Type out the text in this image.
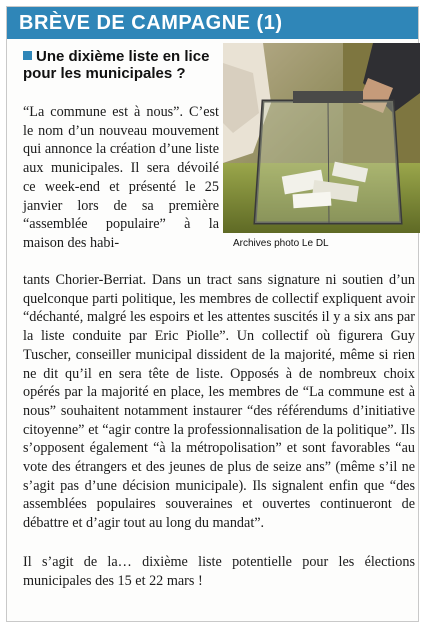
BRÈVE DE CAMPAGNE (1)
Une dixième liste en lice pour les municipales ?
Archives photo Le DL
“La commune est à nous”. C’est le nom d’un nouveau mouvement qui annonce la création d’une liste aux municipales. Il sera dévoilé ce week-end et présenté le 25 janvier lors de sa première “assemblée populaire” à la maison des habi-
tants Chorier-Berriat. Dans un tract sans signature ni soutien d’un quelconque parti politique, les membres de collectif expliquent avoir “déchanté, malgré les espoirs et les attentes suscités il y a six ans par la liste conduite par Eric Piolle”. Un collectif où figurera Guy Tuscher, conseiller municipal dissident de la majorité, même si rien ne dit qu’il en sera tête de liste. Opposés à de nombreux choix opérés par la majorité en place, les membres de “La commune est à nous” souhaitent notamment instaurer “des référendums d’initiative citoyenne” et “agir contre la professionnalisation de la politique”. Ils s’opposent également “à la métropolisation” et sont favorables “au vote des étrangers et des jeunes de plus de seize ans” (même s’il ne s’agit pas d’une décision municipale). Ils signalent enfin que “des assemblées populaires souveraines et ouvertes continueront de débattre et d’agir tout au long du mandat”.
Il s’agit de la… dixième liste potentielle pour les élections municipales des 15 et 22 mars !
